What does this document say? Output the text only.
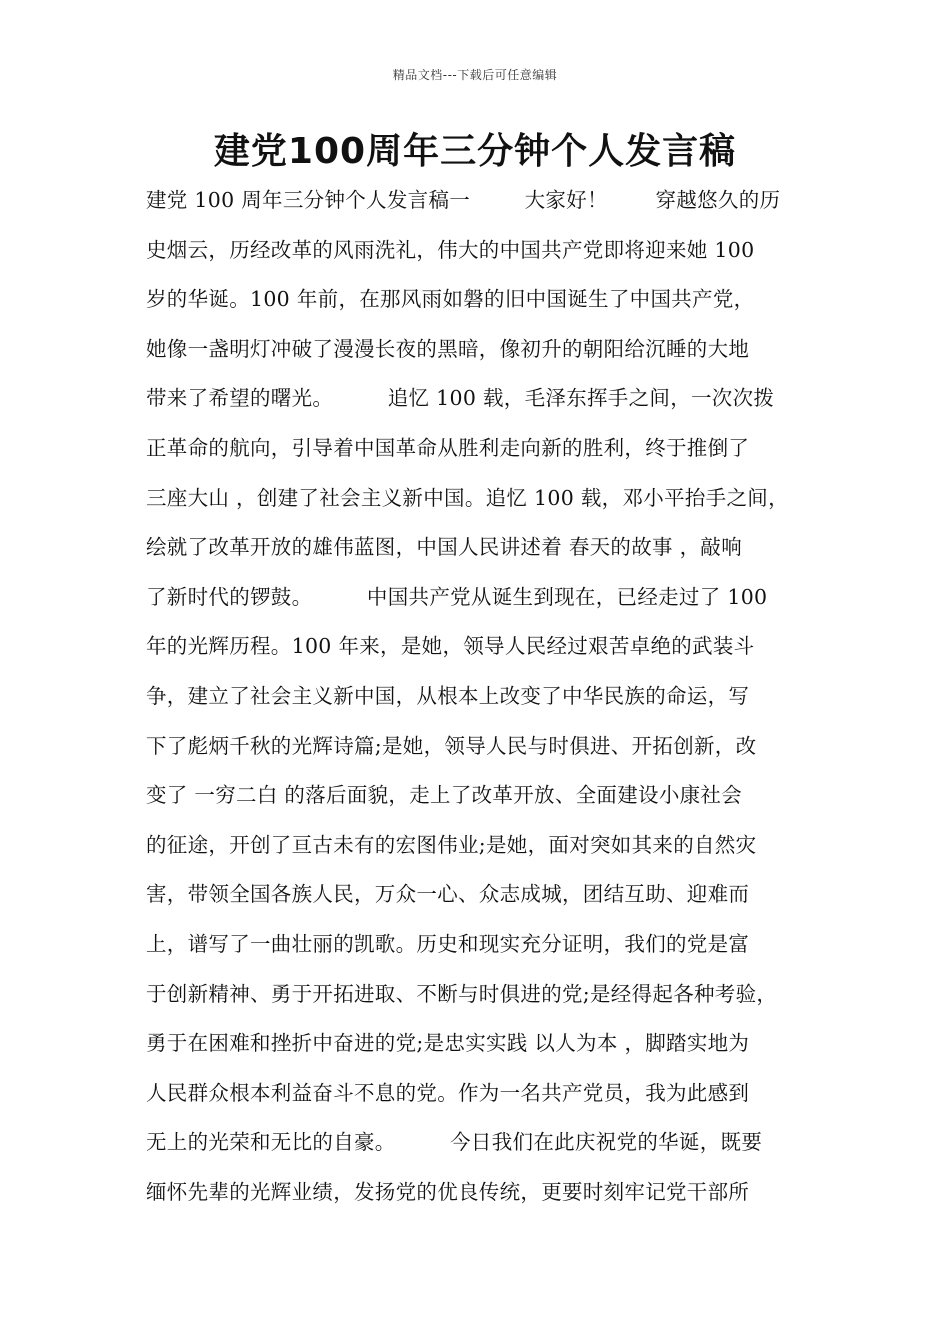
精品文档---下载后可任意编辑
建党100周年三分钟个人发言稿
建党 100 周年三分钟个人发言稿一        大家好！       穿越悠久的历
史烟云，历经改革的风雨洗礼，伟大的中国共产党即将迎来她 100
岁的华诞。100 年前，在那风雨如磐的旧中国诞生了中国共产党，
她像一盏明灯冲破了漫漫长夜的黑暗，像初升的朝阳给沉睡的大地
带来了希望的曙光。        追忆 100 载，毛泽东挥手之间，一次次拨
正革命的航向，引导着中国革命从胜利走向新的胜利，终于推倒了
三座大山 ，创建了社会主义新中国。追忆 100 载，邓小平抬手之间，
绘就了改革开放的雄伟蓝图，中国人民讲述着 春天的故事 ，敲响
了新时代的锣鼓。        中国共产党从诞生到现在，已经走过了 100
年的光辉历程。100 年来，是她，领导人民经过艰苦卓绝的武装斗
争，建立了社会主义新中国，从根本上改变了中华民族的命运，写
下了彪炳千秋的光辉诗篇;是她，领导人民与时俱进、开拓创新，改
变了 一穷二白 的落后面貌，走上了改革开放、全面建设小康社会
的征途，开创了亘古未有的宏图伟业;是她，面对突如其来的自然灾
害，带领全国各族人民，万众一心、众志成城，团结互助、迎难而
上，谱写了一曲壮丽的凯歌。历史和现实充分证明，我们的党是富
于创新精神、勇于开拓进取、不断与时俱进的党;是经得起各种考验，
勇于在困难和挫折中奋进的党;是忠实实践 以人为本 ，脚踏实地为
人民群众根本利益奋斗不息的党。作为一名共产党员，我为此感到
无上的光荣和无比的自豪。        今日我们在此庆祝党的华诞，既要
缅怀先辈的光辉业绩，发扬党的优良传统，更要时刻牢记党干部所
